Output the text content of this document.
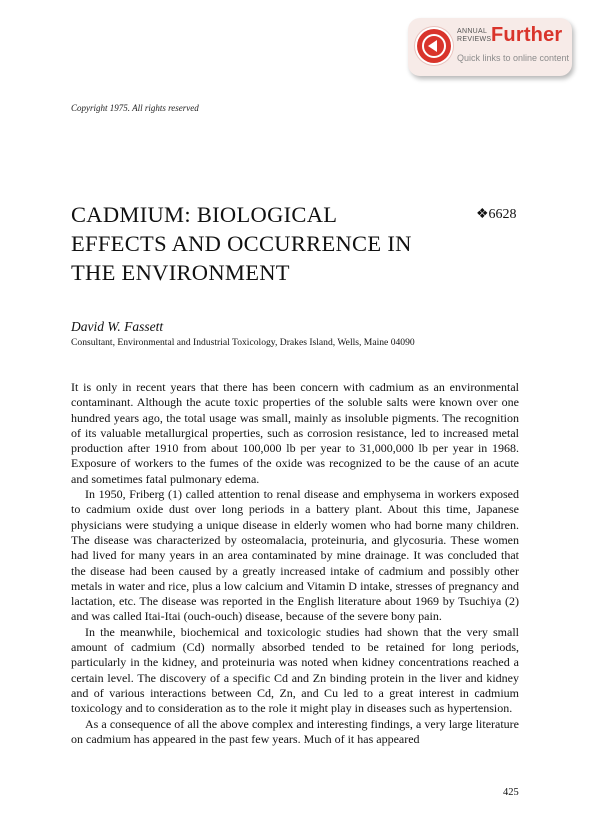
ANNUAL
REVIEWS Further
Quick links to online content
Copyright 1975. All rights reserved
CADMIUM: BIOLOGICAL
EFFECTS AND OCCURRENCE IN
THE ENVIRONMENT
❖6628
David W. Fassett
Consultant, Environmental and Industrial Toxicology, Drakes Island, Wells, Maine 04090

It is only in recent years that there has been concern with cadmium as an environmental contaminant. Although the acute toxic properties of the soluble salts were known over one hundred years ago, the total usage was small, mainly as insoluble pigments. The recognition of its valuable metallurgical properties, such as corrosion resistance, led to increased metal production after 1910 from about 100,000 lb per year to 31,000,000 lb per year in 1968. Exposure of workers to the fumes of the oxide was recognized to be the cause of an acute and sometimes fatal pulmonary edema.

In 1950, Friberg (1) called attention to renal disease and emphysema in workers exposed to cadmium oxide dust over long periods in a battery plant. About this time, Japanese physicians were studying a unique disease in elderly women who had borne many children. The disease was characterized by osteomalacia, proteinuria, and glycosuria. These women had lived for many years in an area contaminated by mine drainage. It was concluded that the disease had been caused by a greatly increased intake of cadmium and possibly other metals in water and rice, plus a low calcium and Vitamin D intake, stresses of pregnancy and lactation, etc. The disease was reported in the English literature about 1969 by Tsuchiya (2) and was called Itai-Itai (ouch-ouch) disease, because of the severe bony pain.

In the meanwhile, biochemical and toxicologic studies had shown that the very small amount of cadmium (Cd) normally absorbed tended to be retained for long periods, particularly in the kidney, and proteinuria was noted when kidney concentrations reached a certain level. The discovery of a specific Cd and Zn binding protein in the liver and kidney and of various interactions between Cd, Zn, and Cu led to a great interest in cadmium toxicology and to consideration as to the role it might play in diseases such as hypertension.

As a consequence of all the above complex and interesting findings, a very large literature on cadmium has appeared in the past few years. Much of it has appeared

425
